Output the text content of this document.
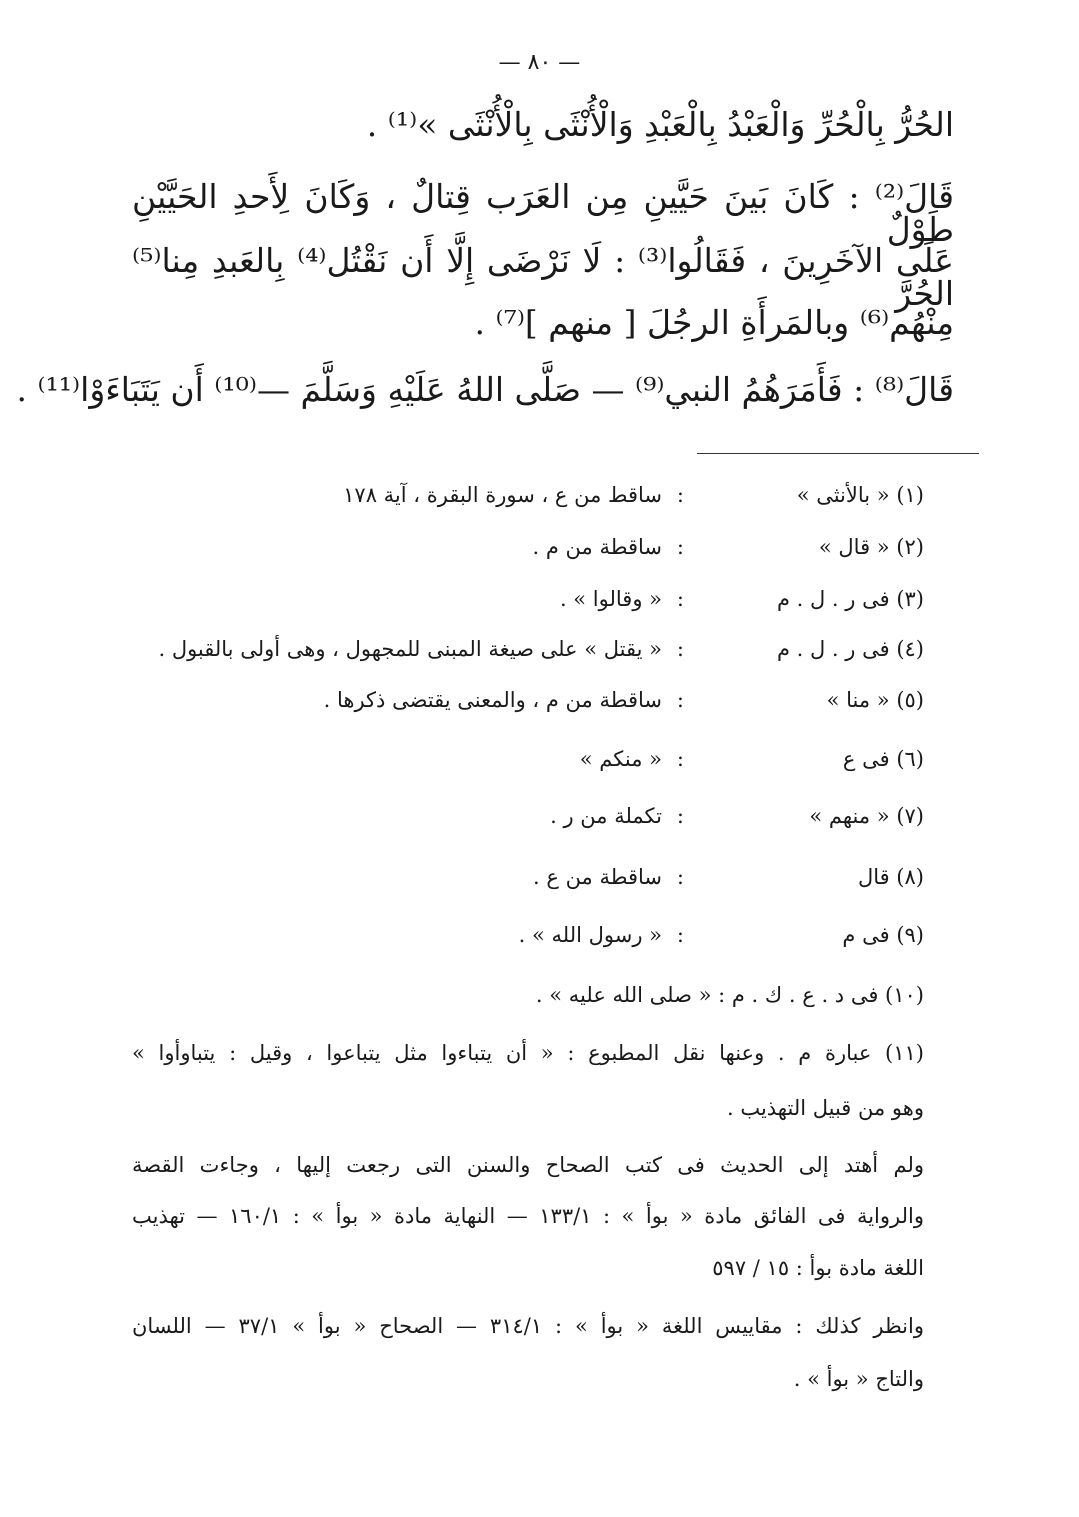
— ٨٠ —
الحُرُّ بِالْحُرِّ وَالْعَبْدُ بِالْعَبْدِ وَالْأُنْثَى بِالْأُنْثَى »⁽¹⁾ .
قَالَ⁽²⁾ : كَانَ بَينَ حَيَّينِ مِن العَرَب قِتالٌ ، وَكَانَ لِأَحدِ الحَيَّيْنِ طَوْلٌ
عَلَى الآخَرِينَ ، فَقَالُوا⁽³⁾ : لَا نَرْضَى إِلَّا أَن نَقْتُل⁽⁴⁾ بِالعَبدِ مِنا⁽⁵⁾ الحُرَّ
مِنْهُم⁽⁶⁾ وبالمَرأَةِ الرجُلَ [ منهم ]⁽⁷⁾ .
قَالَ⁽⁸⁾ : فَأَمَرَهُمُ النبي⁽⁹⁾ — صَلَّى اللهُ عَلَيْهِ وَسَلَّمَ —⁽¹⁰⁾ أَن يَتَبَاءَوْا⁽¹¹⁾ .
(١) « بالأنثى »
:
ساقط من ع ، سورة البقرة ، آية ١٧٨
(٢) « قال »
:
ساقطة من م .
(٣) فى ر . ل . م
:
« وقالوا » .
(٤) فى ر . ل . م
:
« يقتل » على صيغة المبنى للمجهول ، وهى أولى بالقبول .
(٥) « منا »
:
ساقطة من م ، والمعنى يقتضى ذكرها .
(٦) فى ع
:
« منكم »
(٧) « منهم »
:
تكملة من ر .
(٨) قال
:
ساقطة من ع .
(٩) فى م
:
« رسول الله » .
(١٠) فى د . ع . ك . م : « صلى الله عليه » .
(١١) عبارة م . وعنها نقل المطبوع : « أن يتباءوا مثل يتباعوا ، وقيل : يتباوأوا »
وهو من قبيل التهذيب .
ولم أهتد إلى الحديث فى كتب الصحاح والسنن التى رجعت إليها ، وجاءت القصة
والرواية فى الفائق مادة « بوأ » : ١٣٣/١ — النهاية مادة « بوأ » : ١٦٠/١ — تهذيب
اللغة مادة بوأ : ١٥ / ٥٩٧
وانظر كذلك : مقاييس اللغة « بوأ » : ٣١٤/١ — الصحاح « بوأ » ٣٧/١ — اللسان
والتاج « بوأ » .
